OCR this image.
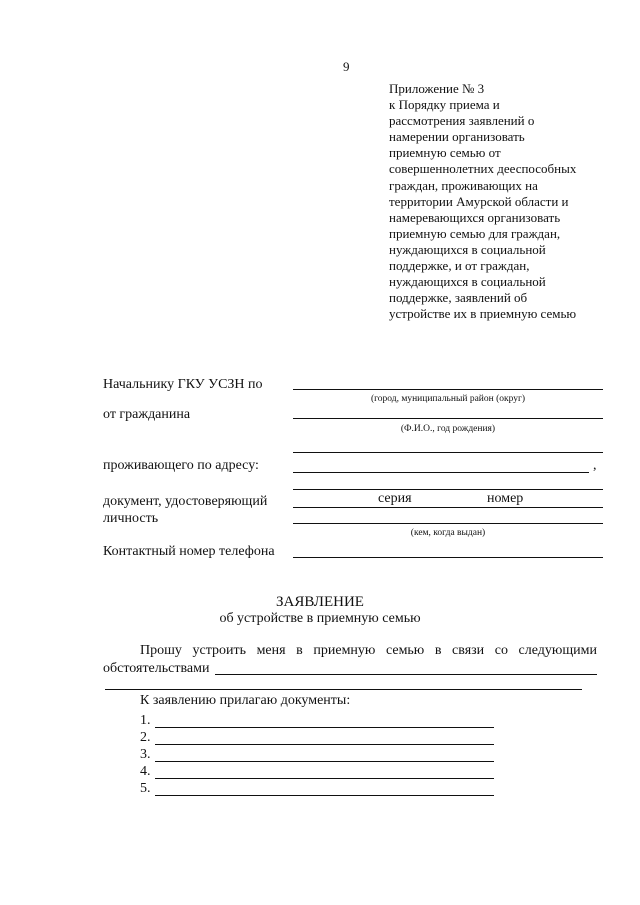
9
Приложение № 3
к Порядку приема и
рассмотрения заявлений о
намерении организовать
приемную семью от
совершеннолетних дееспособных
граждан, проживающих на
территории Амурской области и
намеревающихся организовать
приемную семью для граждан,
нуждающихся в социальной
поддержке, и от граждан,
нуждающихся в социальной
поддержке, заявлений об
устройстве их в приемную семью
Начальнику ГКУ УСЗН по
(город, муниципальный район (округ)
от гражданина
(Ф.И.О., год рождения)
проживающего по адресу:	,
документ, удостоверяющий
личность
серия	номер
(кем, когда выдан)
Контактный номер телефона
ЗАЯВЛЕНИЕ
об устройстве в приемную семью
Прошу устроить меня в приемную семью в связи со следующими
обстоятельствами
К заявлению прилагаю документы:
1.
2.
3.
4.
5.
